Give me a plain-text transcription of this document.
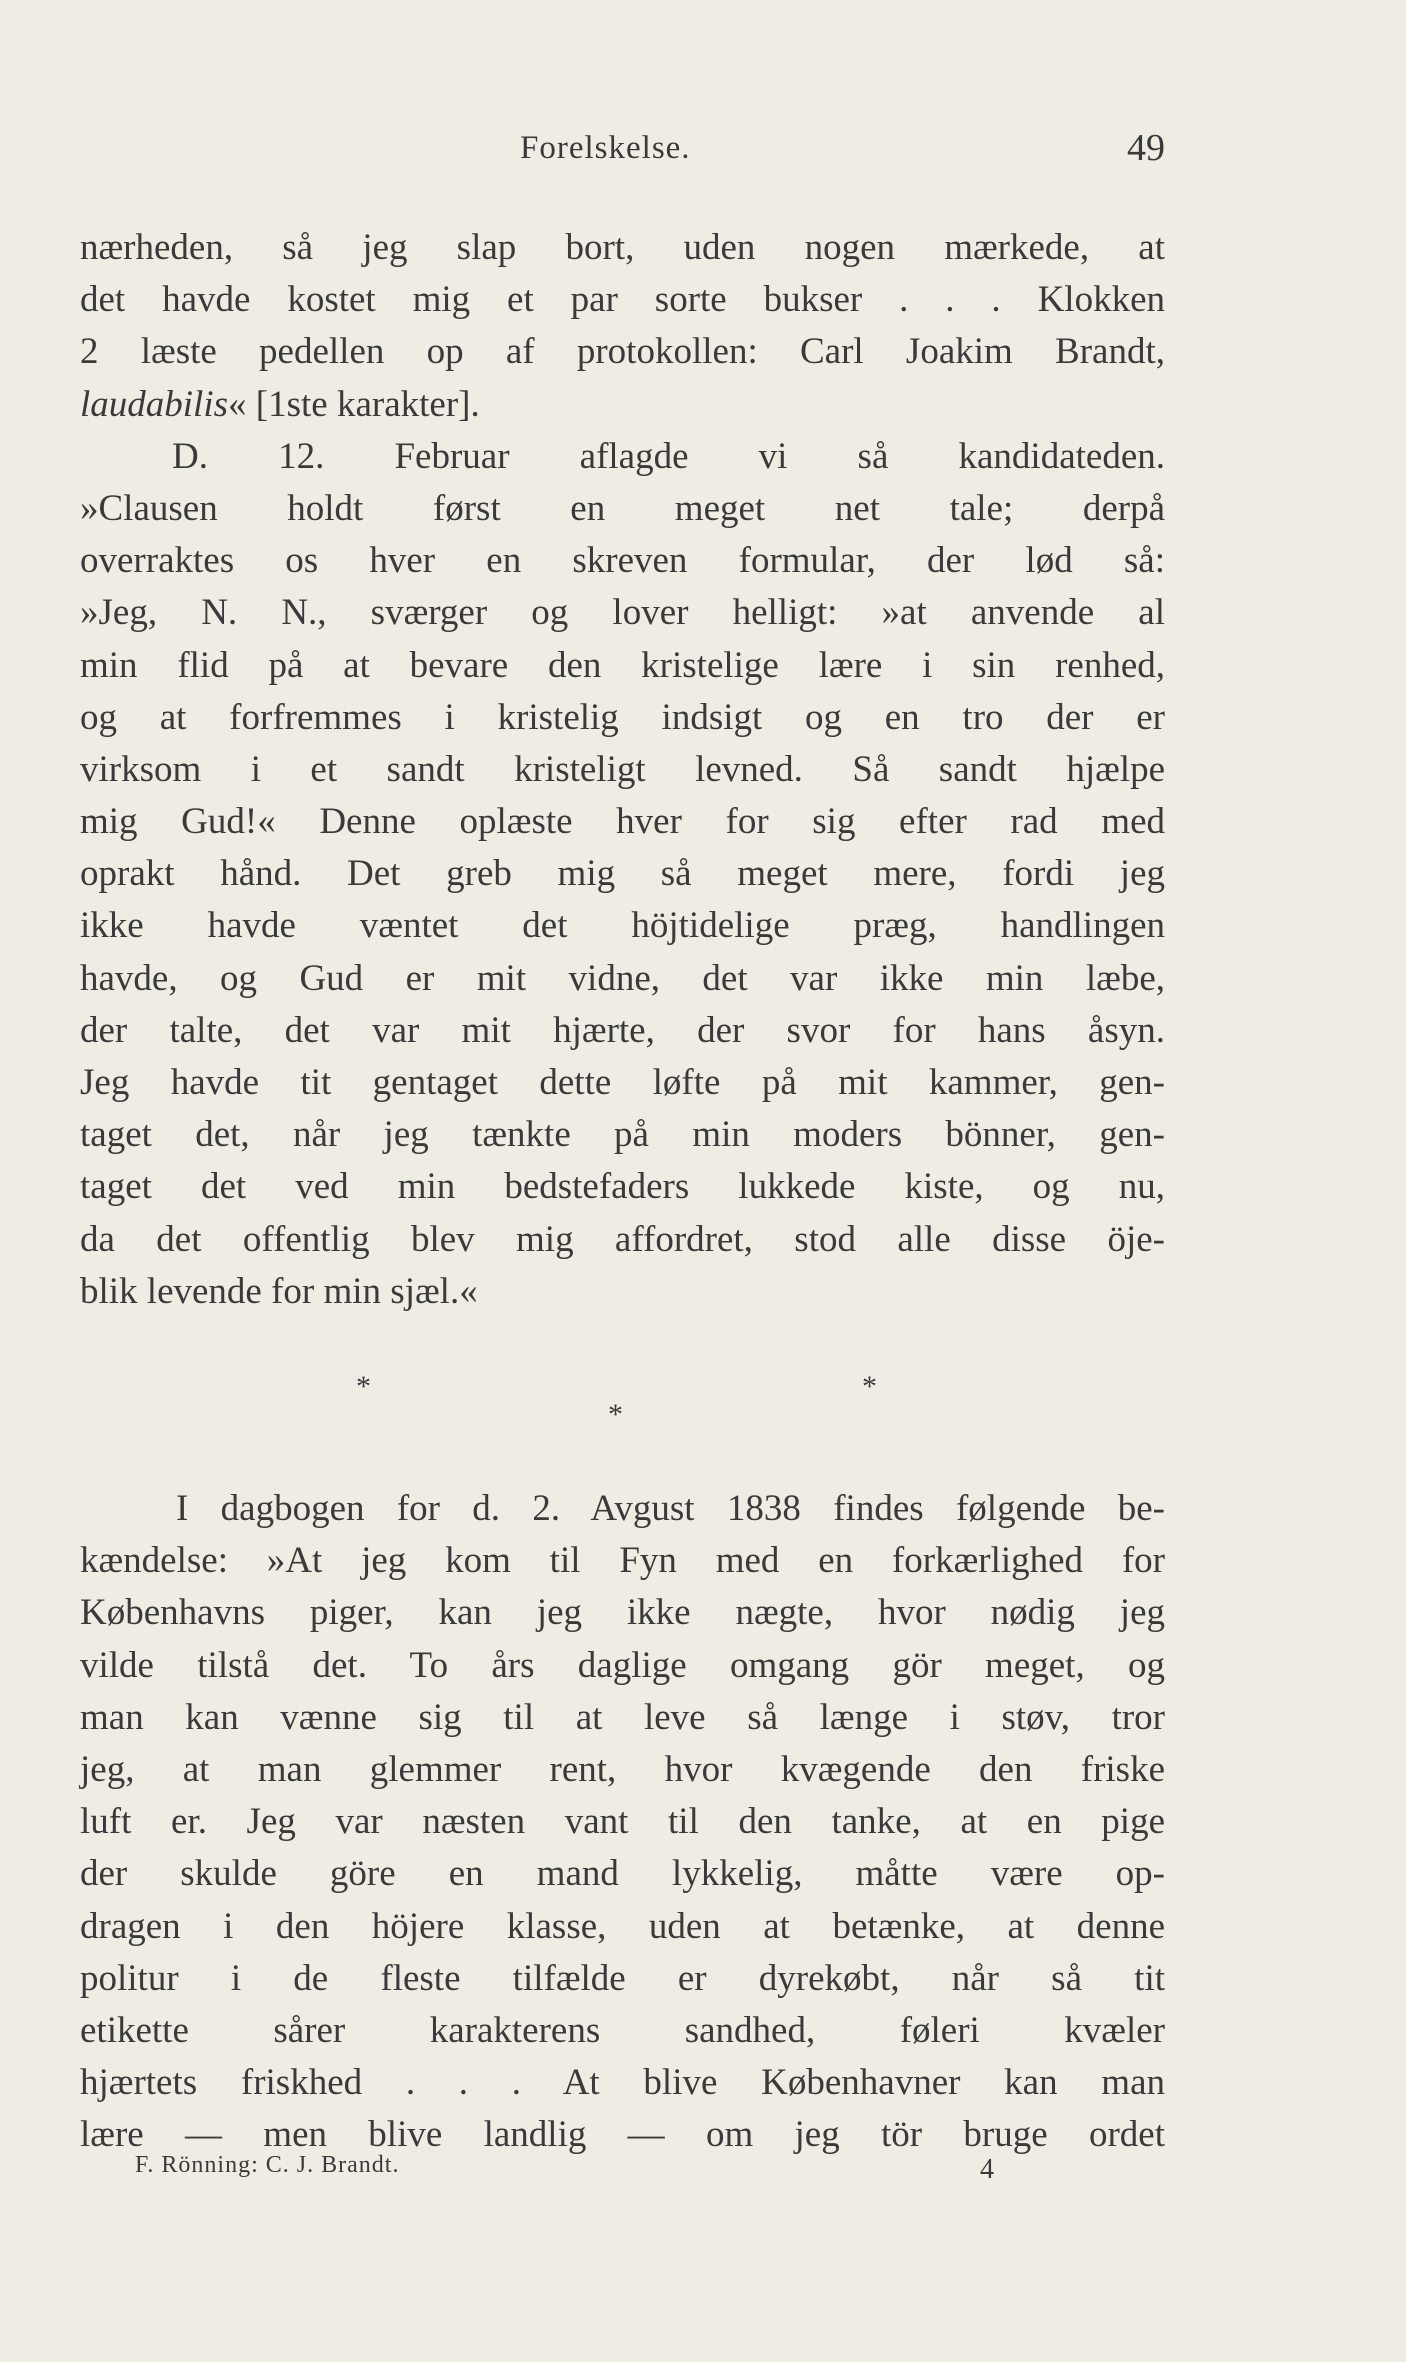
Forelskelse.	49
nærheden, så jeg slap bort, uden nogen mærkede, at
det havde kostet mig et par sorte bukser . . . Klokken
2 læste pedellen op af protokollen: Carl Joakim Brandt,
laudabilis« [1ste karakter].
D. 12. Februar aflagde vi så kandidateden.
»Clausen holdt først en meget net tale; derpå
overraktes os hver en skreven formular, der lød så:
»Jeg, N. N., sværger og lover helligt: »at anvende al
min flid på at bevare den kristelige lære i sin renhed,
og at forfremmes i kristelig indsigt og en tro der er
virksom i et sandt kristeligt levned. Så sandt hjælpe
mig Gud!« Denne oplæste hver for sig efter rad med
oprakt hånd. Det greb mig så meget mere, fordi jeg
ikke havde væntet det höjtidelige præg, handlingen
havde, og Gud er mit vidne, det var ikke min læbe,
der talte, det var mit hjærte, der svor for hans åsyn.
Jeg havde tit gentaget dette løfte på mit kammer, gen-
taget det, når jeg tænkte på min moders bönner, gen-
taget det ved min bedstefaders lukkede kiste, og nu,
da det offentlig blev mig affordret, stod alle disse öje-
blik levende for min sjæl.«
*	*
*
I dagbogen for d. 2. Avgust 1838 findes følgende be-
kændelse: »At jeg kom til Fyn med en forkærlighed for
Københavns piger, kan jeg ikke nægte, hvor nødig jeg
vilde tilstå det. To års daglige omgang gör meget, og
man kan vænne sig til at leve så længe i støv, tror
jeg, at man glemmer rent, hvor kvægende den friske
luft er. Jeg var næsten vant til den tanke, at en pige
der skulde göre en mand lykkelig, måtte være op-
dragen i den höjere klasse, uden at betænke, at denne
politur i de fleste tilfælde er dyrekøbt, når så tit
etikette sårer karakterens sandhed, føleri kvæler
hjærtets friskhed . . . At blive Københavner kan man
lære — men blive landlig — om jeg tör bruge ordet
F. Rönning: C. J. Brandt.	4
